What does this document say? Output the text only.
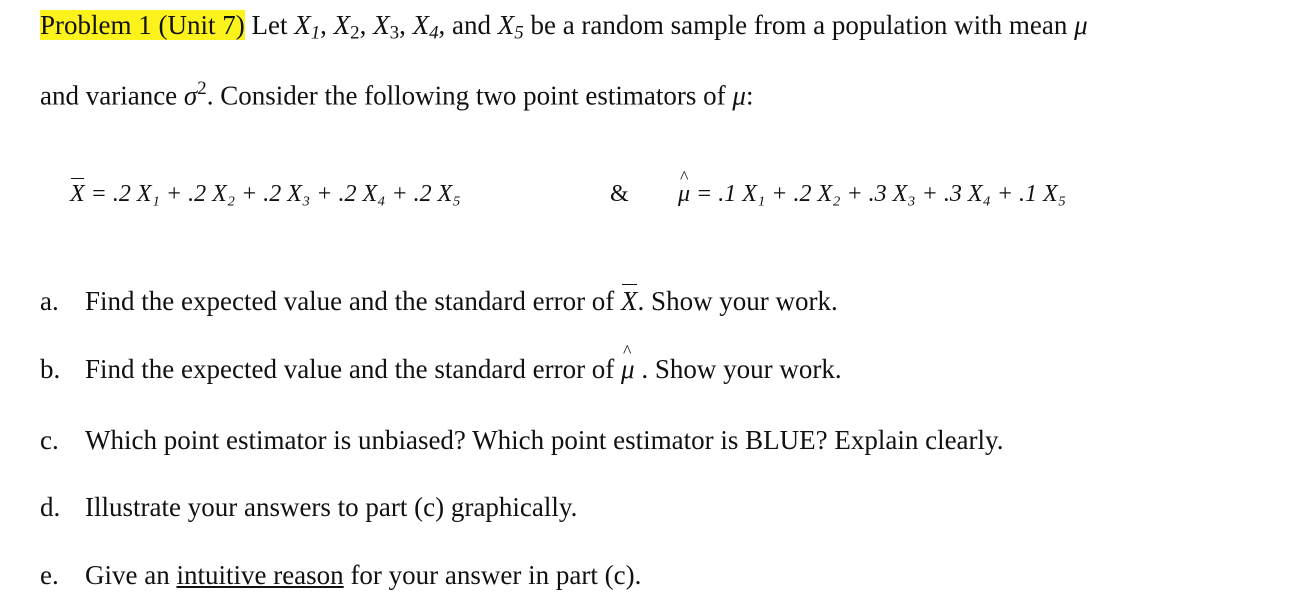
Problem 1 (Unit 7) Let $X_1$, $X_2$, $X_3$, $X_4$, and $X_5$ be a random sample from a population with mean μ
and variance $\sigma^2$. Consider the following two point estimators of μ:
X = .2 X₁ + .2 X₂ + .2 X₃ + .2 X₄ + .2 X₅	&
^ μ = .1 X₁ + .2 X₂ + .3 X₃ + .3 X₄ + .1 X₅
a. Find the expected value and the standard error of X. Show your work.
b. Find the expected value and the standard error of ^ μ . Show your work.
c. Which point estimator is unbiased? Which point estimator is BLUE? Explain clearly.
d. Illustrate your answers to part (c) graphically.
e. Give an intuitive reason for your answer in part (c).
